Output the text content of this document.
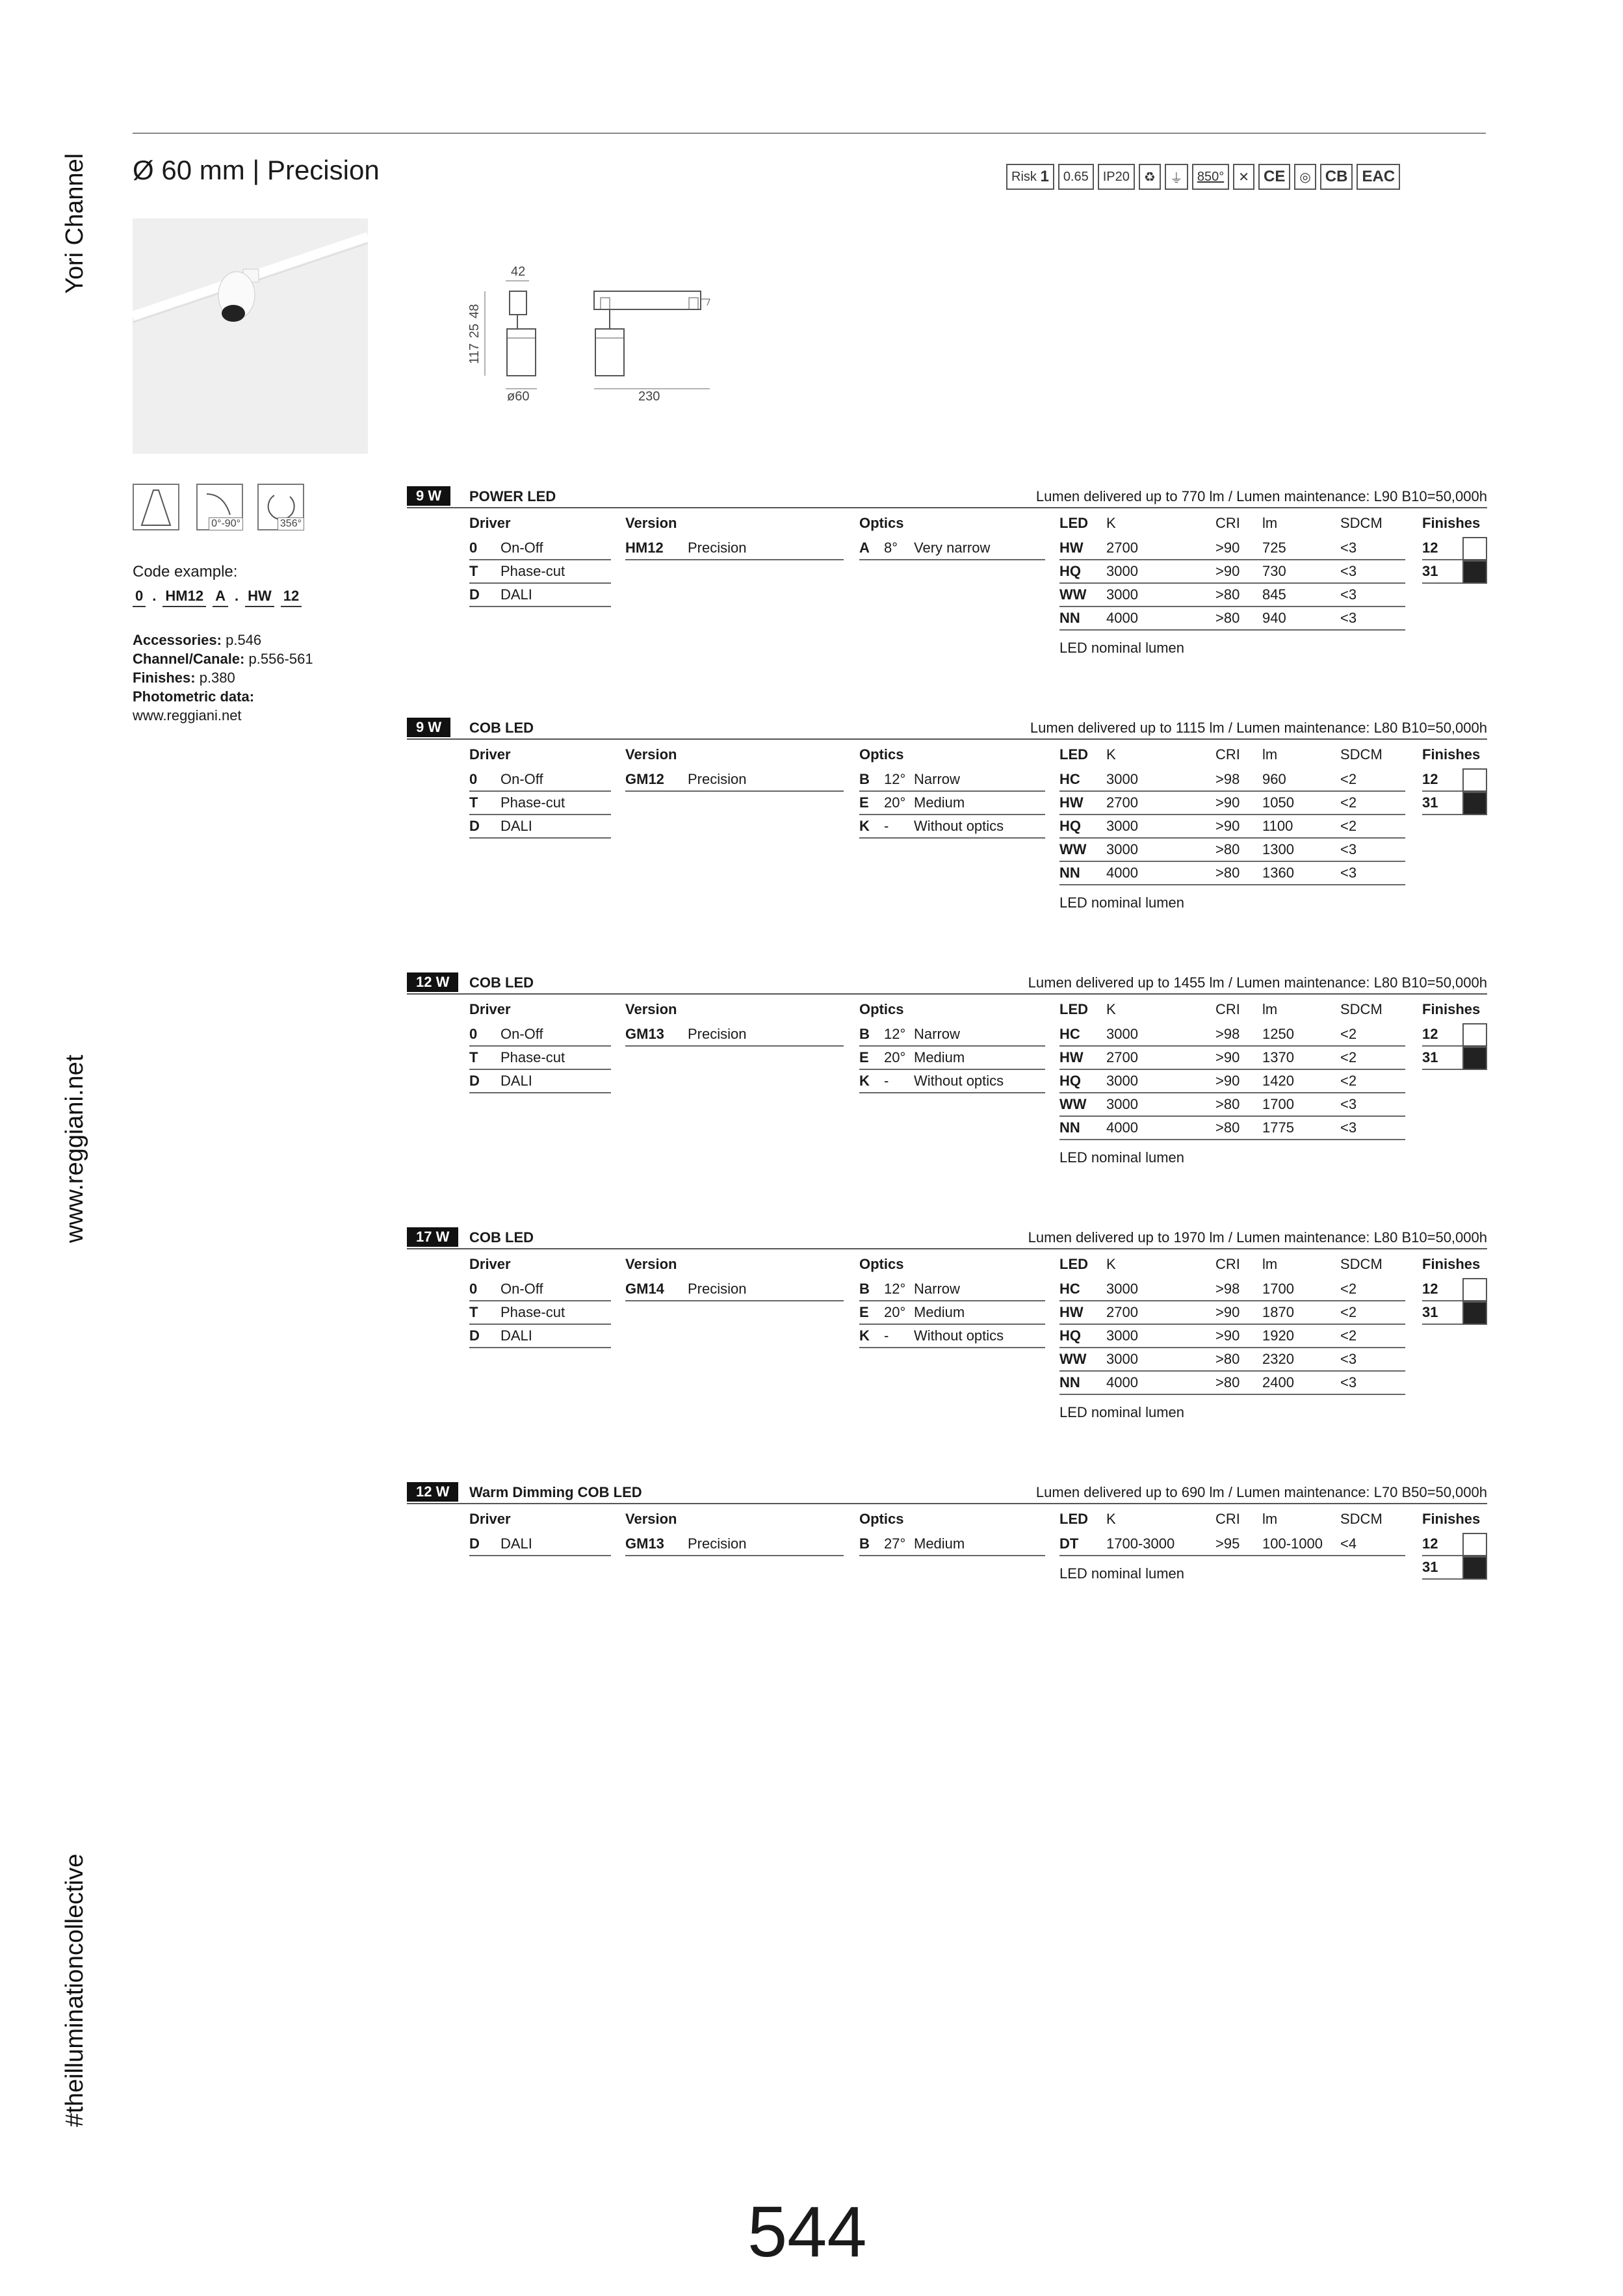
Yori Channel
www.reggiani.net
#theilluminationcollective
Ø 60 mm | Precision	Risk
1 0.65 IP20	♻	⏚	850°	✕ CE	◎ CB EAC
42
1172548
ø60	230
0°-90°	356°
Code example:
0 . HM12 A . HW 12
Accessories: p.546
Channel/Canale: p.556-561
Finishes: p.380
Photometric data:
www.reggiani.net
9 W	POWER LED	Lumen delivered up to 770 lm / Lumen maintenance: L90 B10=50,000h
Driver
0 On-Off
T Phase-cut
D DALI
Version
HM12 Precision
Optics
A 8° Very narrow
LED K	CRI lm	SDCM
HW 2700	>90 725	<3
HQ 3000	>90 730	<3
WW 3000	>80 845	<3
NN 4000	>80 940	<3
LED nominal lumen
Finishes
12
31
9 W	COB LED	Lumen delivered up to 1115 lm / Lumen maintenance: L80 B10=50,000h
Driver
0 On-Off
T Phase-cut
D DALI
Version
GM12 Precision
Optics
B 12° Narrow
E 20° Medium
K - Without optics
LED K	CRI lm	SDCM
HC 3000	>98 960	<2
HW 2700	>90 1050	<2
HQ 3000	>90 1100	<2
WW 3000	>80 1300	<3
NN 4000	>80 1360	<3
LED nominal lumen
Finishes
12
31
12 W	COB LED	Lumen delivered up to 1455 lm / Lumen maintenance: L80 B10=50,000h
Driver
0 On-Off
T Phase-cut
D DALI
Version
GM13 Precision
Optics
B 12° Narrow
E 20° Medium
K - Without optics
LED K	CRI lm	SDCM
HC 3000	>98 1250	<2
HW 2700	>90 1370	<2
HQ 3000	>90 1420	<2
WW 3000	>80 1700	<3
NN 4000	>80 1775	<3
LED nominal lumen
Finishes
12
31
17 W	COB LED	Lumen delivered up to 1970 lm / Lumen maintenance: L80 B10=50,000h
Driver
0 On-Off
T Phase-cut
D DALI
Version
GM14 Precision
Optics
B 12° Narrow
E 20° Medium
K - Without optics
LED K	CRI lm	SDCM
HC 3000	>98 1700	<2
HW 2700	>90 1870	<2
HQ 3000	>90 1920	<2
WW 3000	>80 2320	<3
NN 4000	>80 2400	<3
LED nominal lumen
Finishes
12
31
12 W	Warm Dimming COB LED	Lumen delivered up to 690 lm / Lumen maintenance: L70 B50=50,000h
Driver
D DALI
Version
GM13 Precision
Optics
B 27° Medium
LED K	CRI lm	SDCM
DT 1700-3000	>95 100-1000 <4
LED nominal lumen
Finishes
12
31
544
